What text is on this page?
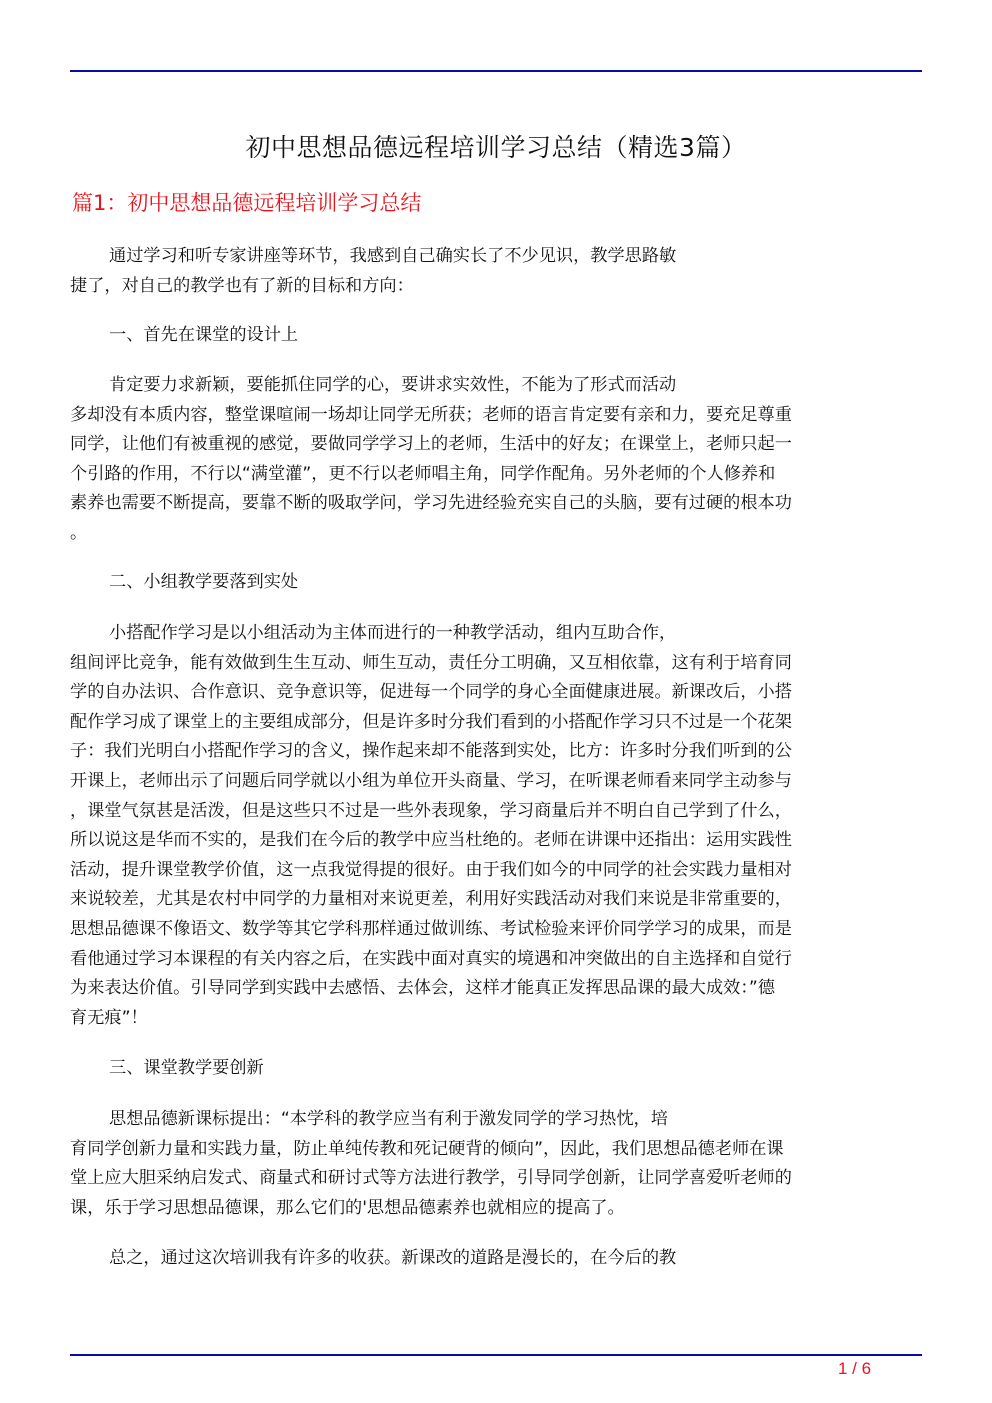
初中思想品德远程培训学习总结（精选3篇）
篇1：初中思想品德远程培训学习总结

通过学习和听专家讲座等环节，我感到自己确实长了不少见识，教学思路敏
捷了，对自己的教学也有了新的目标和方向：

一、首先在课堂的设计上

肯定要力求新颖，要能抓住同学的心，要讲求实效性，不能为了形式而活动
多却没有本质内容，整堂课喧闹一场却让同学无所获；老师的语言肯定要有亲和力，要充足尊重
同学，让他们有被重视的感觉，要做同学学习上的老师，生活中的好友；在课堂上，老师只起一
个引路的作用，不行以“满堂灌”，更不行以老师唱主角，同学作配角。另外老师的个人修养和
素养也需要不断提高，要靠不断的吸取学问，学习先进经验充实自己的头脑，要有过硬的根本功
。

二、小组教学要落到实处

小搭配作学习是以小组活动为主体而进行的一种教学活动，组内互助合作，
组间评比竞争，能有效做到生生互动、师生互动，责任分工明确，又互相依靠，这有利于培育同
学的自办法识、合作意识、竞争意识等，促进每一个同学的身心全面健康进展。新课改后，小搭
配作学习成了课堂上的主要组成部分，但是许多时分我们看到的小搭配作学习只不过是一个花架
子：我们光明白小搭配作学习的含义，操作起来却不能落到实处，比方：许多时分我们听到的公
开课上，老师出示了问题后同学就以小组为单位开头商量、学习，在听课老师看来同学主动参与
，课堂气氛甚是活泼，但是这些只不过是一些外表现象，学习商量后并不明白自己学到了什么，
所以说这是华而不实的，是我们在今后的教学中应当杜绝的。老师在讲课中还指出：运用实践性
活动，提升课堂教学价值，这一点我觉得提的很好。由于我们如今的中同学的社会实践力量相对
来说较差，尤其是农村中同学的力量相对来说更差，利用好实践活动对我们来说是非常重要的，
思想品德课不像语文、数学等其它学科那样通过做训练、考试检验来评价同学学习的成果，而是
看他通过学习本课程的有关内容之后，在实践中面对真实的境遇和冲突做出的自主选择和自觉行
为来表达价值。引导同学到实践中去感悟、去体会，这样才能真正发挥思品课的最大成效：”德
育无痕”！

三、课堂教学要创新

思想品德新课标提出：“本学科的教学应当有利于激发同学的学习热忱，培
育同学创新力量和实践力量，防止单纯传教和死记硬背的倾向”，因此，我们思想品德老师在课
堂上应大胆采纳启发式、商量式和研讨式等方法进行教学，引导同学创新，让同学喜爱听老师的
课，乐于学习思想品德课，那么它们的'思想品德素养也就相应的提高了。

总之，通过这次培训我有许多的收获。新课改的道路是漫长的，在今后的教

1 / 6
